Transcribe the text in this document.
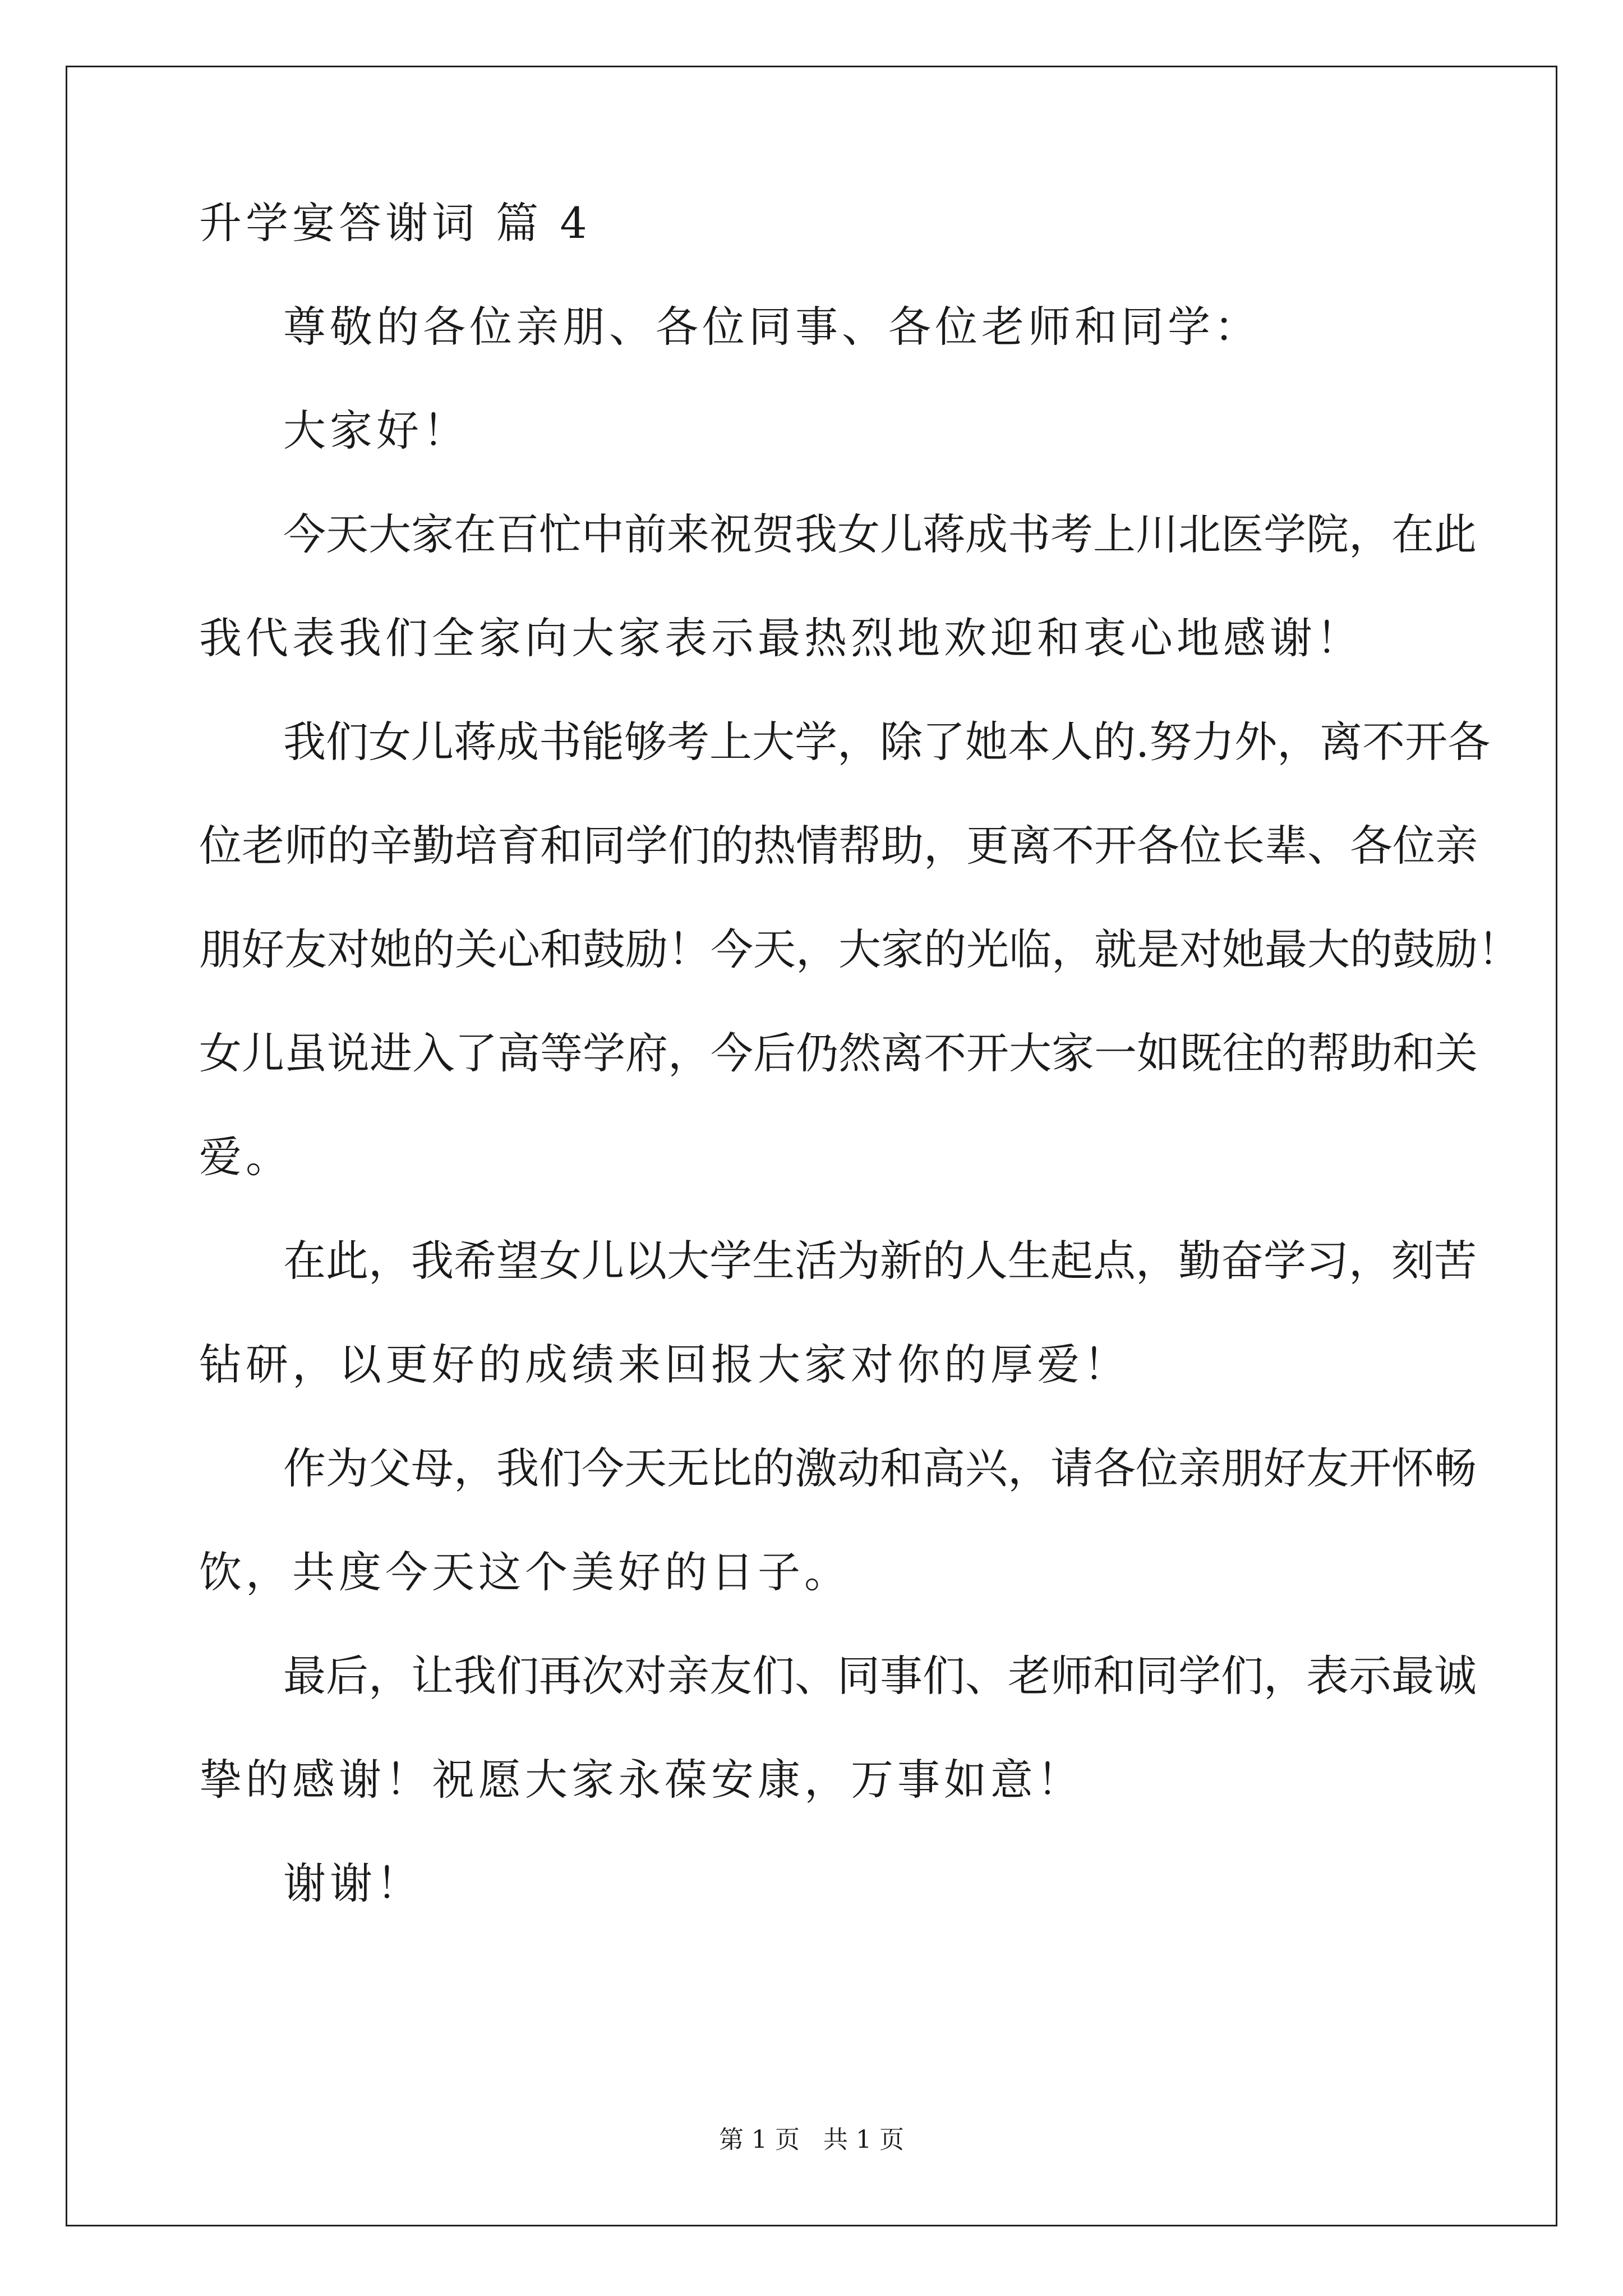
升学宴答谢词 篇 4
尊敬的各位亲朋、各位同事、各位老师和同学：
大家好！
今天大家在百忙中前来祝贺我女儿蒋成书考上川北医学院，在此
我代表我们全家向大家表示最热烈地欢迎和衷心地感谢！
我们女儿蒋成书能够考上大学，除了她本人的.努力外，离不开各
位老师的辛勤培育和同学们的热情帮助，更离不开各位长辈、各位亲
朋好友对她的关心和鼓励！今天，大家的光临，就是对她最大的鼓励！
女儿虽说进入了高等学府，今后仍然离不开大家一如既往的帮助和关
爱。
在此，我希望女儿以大学生活为新的人生起点，勤奋学习，刻苦
钻研，以更好的成绩来回报大家对你的厚爱！
作为父母，我们今天无比的激动和高兴，请各位亲朋好友开怀畅
饮，共度今天这个美好的日子。
最后，让我们再次对亲友们、同事们、老师和同学们，表示最诚
挚的感谢！祝愿大家永葆安康，万事如意！
谢谢！
第 1 页   共 1 页
